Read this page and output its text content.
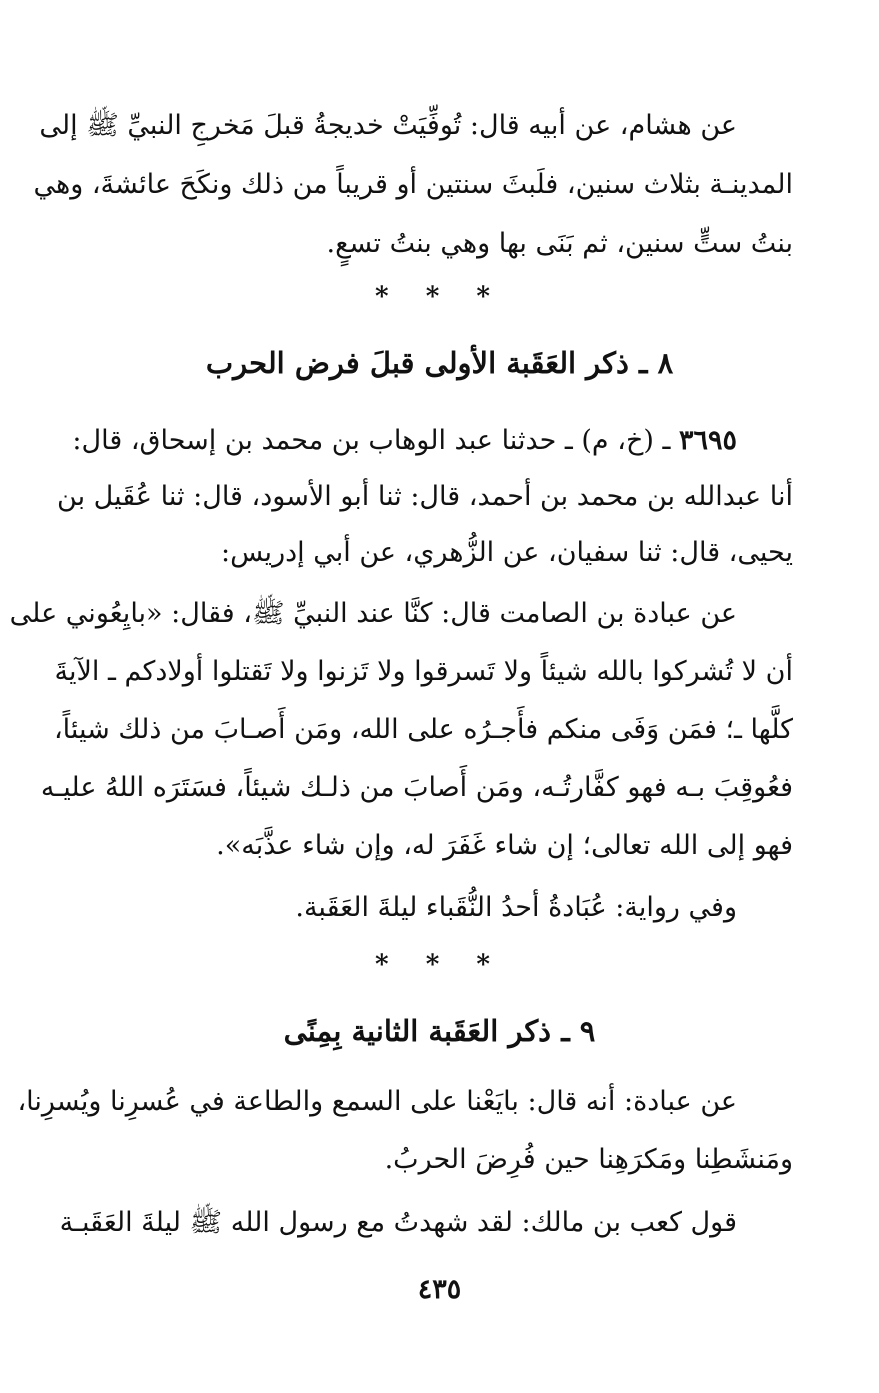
عن هشام، عن أبيه قال: تُوفِّيَتْ خديجةُ قبلَ مَخرجِ النبيِّ ﷺ إلى
المدينـة بثلاث سنين، فلَبثَ سنتين أو قريباً من ذلك ونكَحَ عائشةَ، وهي
بنتُ ستٍّ سنين، ثم بَنَى بها وهي بنتُ تسعٍ.
* * *
٨ ـ ذكر العَقَبة الأولى قبلَ فرض الحرب
٣٦٩٥ ـ (خ، م) ـ حدثنا عبد الوهاب بن محمد بن إسحاق، قال:
أنا عبدالله بن محمد بن أحمد، قال: ثنا أبو الأسود، قال: ثنا عُقَيل بن
يحيى، قال: ثنا سفيان، عن الزُّهري، عن أبي إدريس:
عن عبادة بن الصامت قال: كنَّا عند النبيِّ ﷺ، فقال: «بايِعُوني على
أن لا تُشركوا بالله شيئاً ولا تَسرقوا ولا تَزنوا ولا تَقتلوا أولادكم ـ الآيةَ
كلَّها ـ؛ فمَن وَفَى منكم فأَجـرُه على الله، ومَن أَصـابَ من ذلك شيئاً،
فعُوقِبَ بـه فهو كفَّارتُـه، ومَن أَصابَ من ذلـك شيئاً، فسَتَرَه اللهُ عليـه
فهو إلى الله تعالى؛ إن شاء غَفَرَ له، وإن شاء عذَّبَه».
وفي رواية: عُبَادةُ أحدُ النُّقَباء ليلةَ العَقَبة.
* * *
٩ ـ ذكر العَقَبة الثانية بِمِنًى
عن عبادة: أنه قال: بايَعْنا على السمع والطاعة في عُسرِنا ويُسرِنا،
ومَنشَطِنا ومَكرَهِنا حين فُرِضَ الحربُ.
قول كعب بن مالك: لقد شهدتُ مع رسول الله ﷺ ليلةَ العَقَبـة
٤٣٥
